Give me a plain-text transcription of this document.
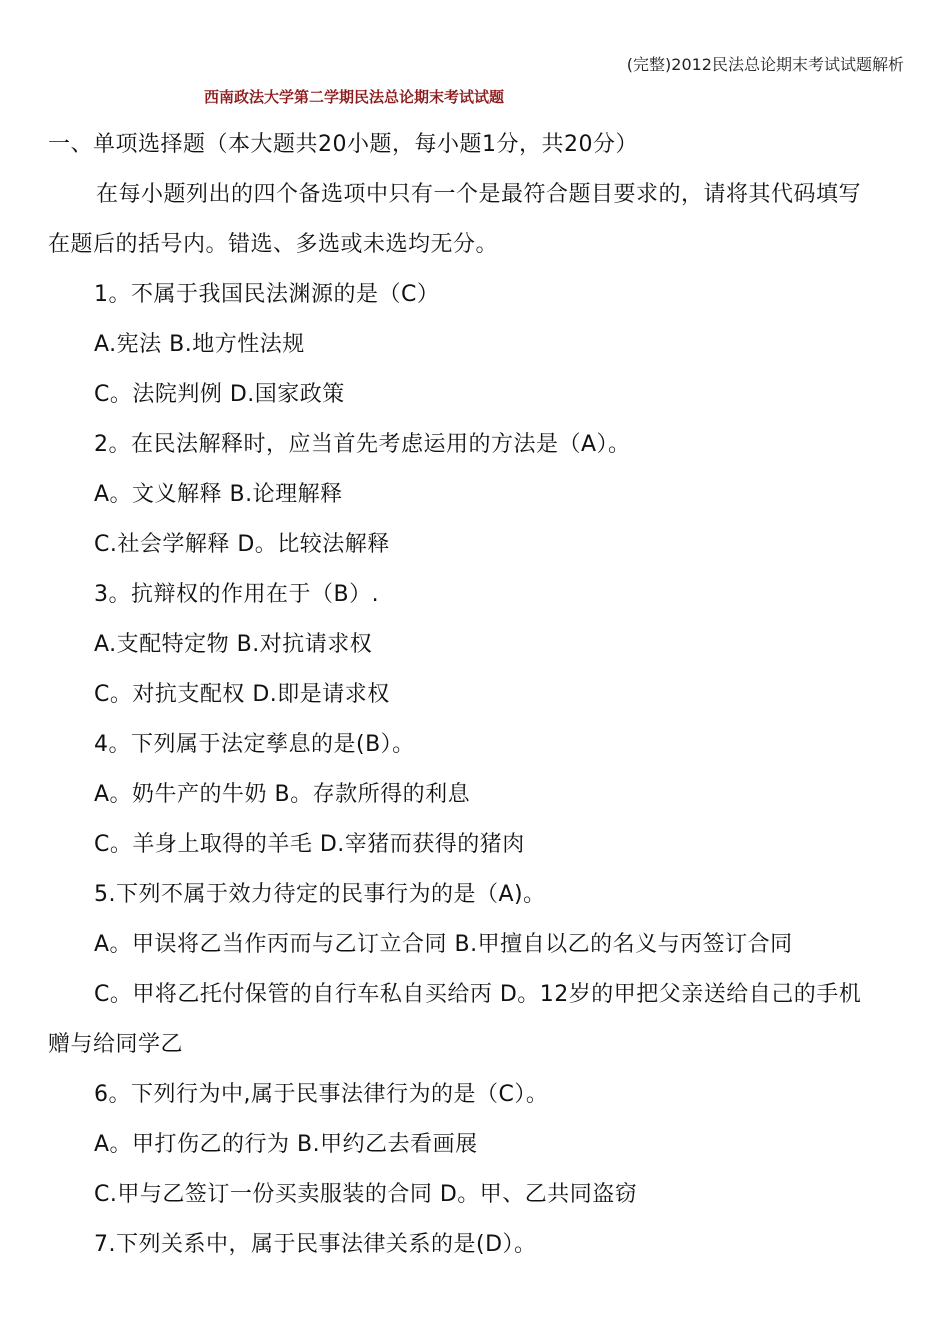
(完整)2012民法总论期末考试试题解析
西南政法大学第二学期民法总论期末考试试题
一、单项选择题（本大题共20小题，每小题1分，共20分）
在每小题列出的四个备选项中只有一个是最符合题目要求的，请将其代码填写
在题后的括号内。错选、多选或未选均无分。
1。不属于我国民法渊源的是（C）
A.宪法 B.地方性法规
C。法院判例 D.国家政策
2。在民法解释时，应当首先考虑运用的方法是（A）。
A。文义解释 B.论理解释
C.社会学解释 D。比较法解释
3。抗辩权的作用在于（B）.
A.支配特定物 B.对抗请求权
C。对抗支配权 D.即是请求权
4。下列属于法定孳息的是(B）。
A。奶牛产的牛奶 B。存款所得的利息
C。羊身上取得的羊毛 D.宰猪而获得的猪肉
5.下列不属于效力待定的民事行为的是（A)。
A。甲误将乙当作丙而与乙订立合同 B.甲擅自以乙的名义与丙签订合同
C。甲将乙托付保管的自行车私自买给丙 D。12岁的甲把父亲送给自己的手机
赠与给同学乙
6。下列行为中,属于民事法律行为的是（C）。
A。甲打伤乙的行为 B.甲约乙去看画展
C.甲与乙签订一份买卖服装的合同 D。甲、乙共同盗窃
7.下列关系中，属于民事法律关系的是(D）。
